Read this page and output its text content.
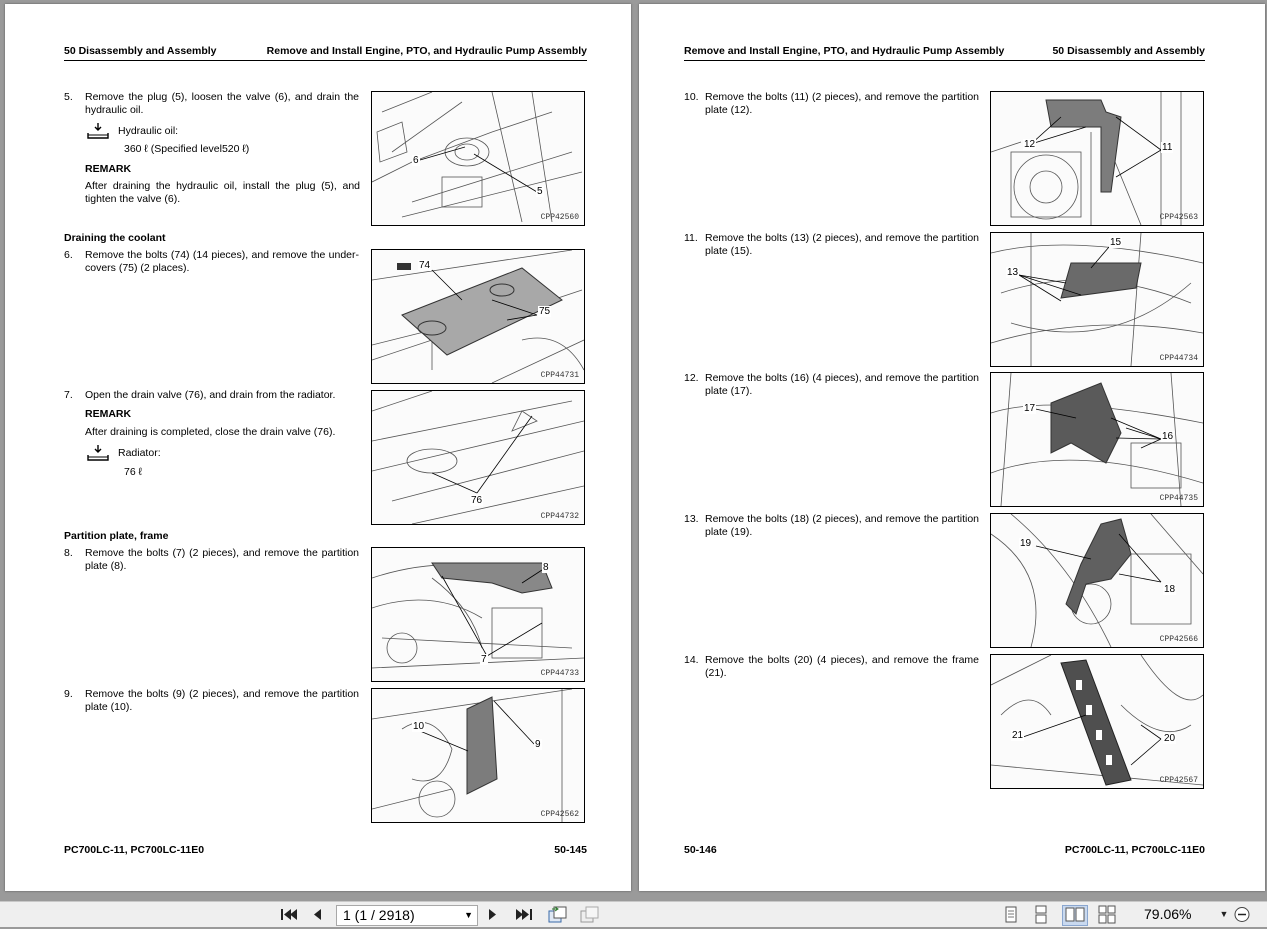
50 Disassembly and Assembly	Remove and Install Engine, PTO, and Hydraulic Pump Assembly
5. Remove the plug (5), loosen the valve (6), and drain the hydraulic oil.
Hydraulic oil:
360 ℓ (Specified level520 ℓ)
REMARK
After draining the hydraulic oil, install the plug (5), and tighten the valve (6).
Draining the coolant
6. Remove the bolts (74) (14 pieces), and remove the under-covers (75) (2 places).
7. Open the drain valve (76), and drain from the radiator.
REMARK
After draining is completed, close the drain valve (76).
Radiator:
76 ℓ
Partition plate, frame
8. Remove the bolts (7) (2 pieces), and remove the partition plate (8).
9. Remove the bolts (9) (2 pieces), and remove the partition plate (10).
6
5
CPP42560
74
75
CPP44731
76
CPP44732
8
7
CPP44733
10
9
CPP42562
PC700LC-11, PC700LC-11E0	50-145
Remove and Install Engine, PTO, and Hydraulic Pump Assembly	50 Disassembly and Assembly
10. Remove the bolts (11) (2 pieces), and remove the partition plate (12).
11. Remove the bolts (13) (2 pieces), and remove the partition plate (15).
12. Remove the bolts (16) (4 pieces), and remove the partition plate (17).
13. Remove the bolts (18) (2 pieces), and remove the partition plate (19).
14. Remove the bolts (20) (4 pieces), and remove the frame (21).
12	11
CPP42563
13
15
CPP44734
17
16
CPP44735
19
18
CPP42566
21	20
CPP42567
50-146	PC700LC-11, PC700LC-11E0
1 (1 / 2918)	▼	79.06%	▼
